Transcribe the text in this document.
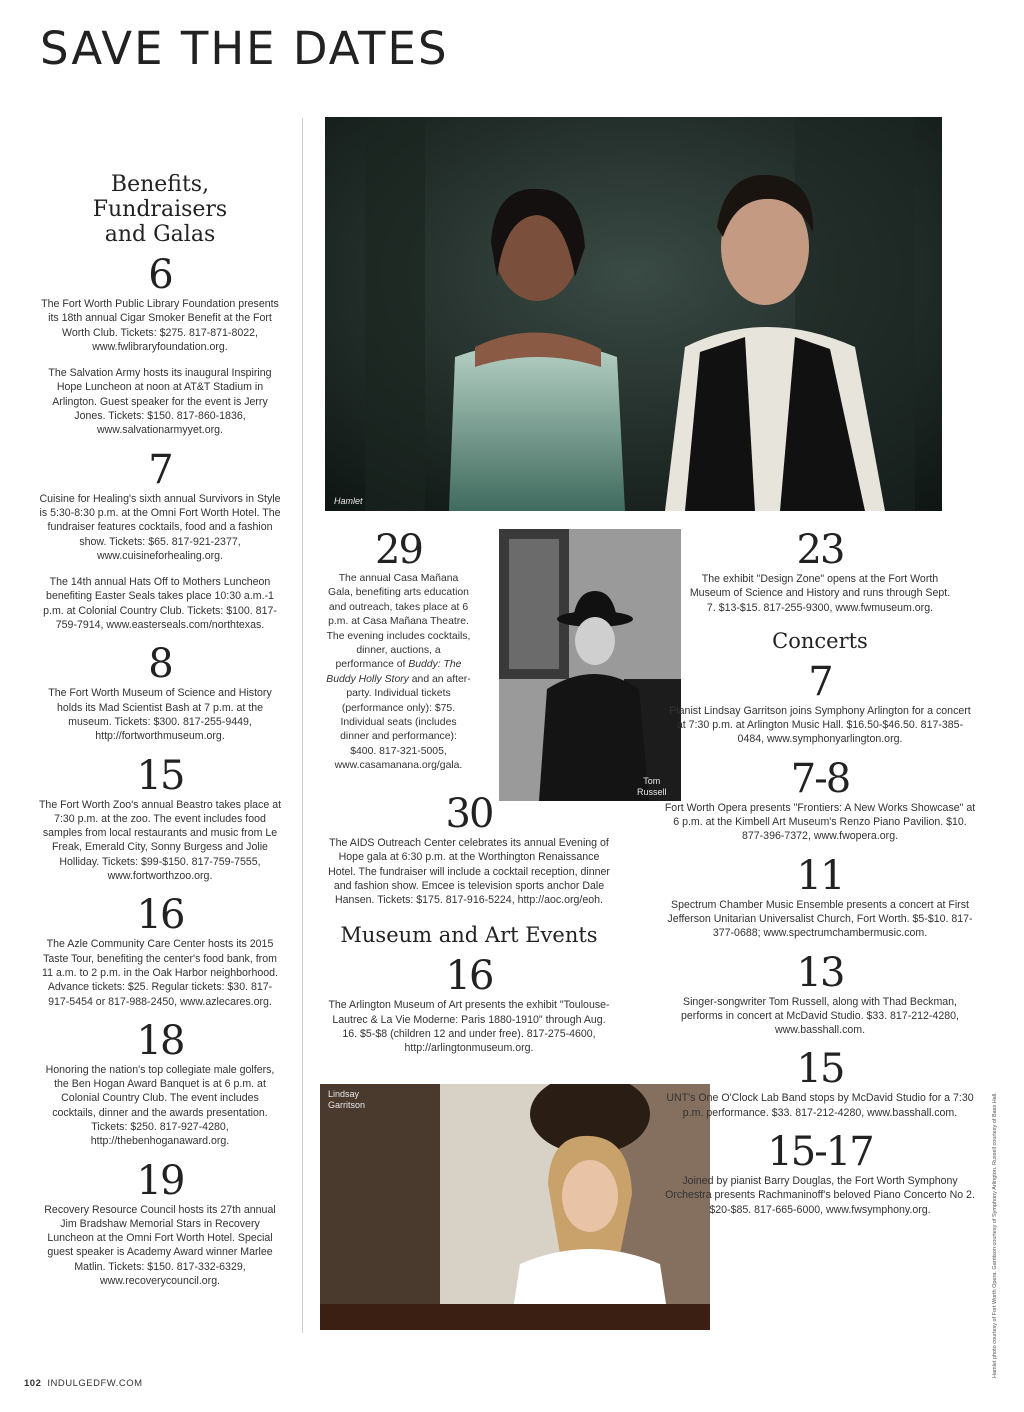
SAVE THE DATES
Benefits,
Fundraisers
and Galas
6

The Fort Worth Public Library Foundation presents its 18th annual Cigar Smoker Benefit at the Fort Worth Club. Tickets: $275. 817-871-8022, www.fwlibraryfoundation.org.

The Salvation Army hosts its inaugural Inspiring Hope Luncheon at noon at AT&T Stadium in Arlington. Guest speaker for the event is Jerry Jones. Tickets: $150. 817-860-1836, www.salvationarmyyet.org.

7

Cuisine for Healing's sixth annual Survivors in Style is 5:30-8:30 p.m. at the Omni Fort Worth Hotel. The fundraiser features cocktails, food and a fashion show. Tickets: $65. 817-921-2377, www.cuisineforhealing.org.

The 14th annual Hats Off to Mothers Luncheon benefiting Easter Seals takes place 10:30 a.m.-1 p.m. at Colonial Country Club. Tickets: $100. 817-759-7914, www.easterseals.com/northtexas.

8

The Fort Worth Museum of Science and History holds its Mad Scientist Bash at 7 p.m. at the museum. Tickets: $300. 817-255-9449, http://fortworthmuseum.org.

15

The Fort Worth Zoo's annual Beastro takes place at 7:30 p.m. at the zoo. The event includes food samples from local restaurants and music from Le Freak, Emerald City, Sonny Burgess and Jolie Holliday. Tickets: $99-$150. 817-759-7555, www.fortworthzoo.org.

16

The Azle Community Care Center hosts its 2015 Taste Tour, benefiting the center's food bank, from 11 a.m. to 2 p.m. in the Oak Harbor neighborhood. Advance tickets: $25. Regular tickets: $30. 817-917-5454 or 817-988-2450, www.azlecares.org.

18

Honoring the nation's top collegiate male golfers, the Ben Hogan Award Banquet is at 6 p.m. at Colonial Country Club. The event includes cocktails, dinner and the awards presentation. Tickets: $250. 817-927-4280, http://thebenhoganaward.org.

19

Recovery Resource Council hosts its 27th annual Jim Bradshaw Memorial Stars in Recovery Luncheon at the Omni Fort Worth Hotel. Special guest speaker is Academy Award winner Marlee Matlin. Tickets: $150. 817-332-6329, www.recoverycouncil.org.

Hamlet
29

The annual Casa Mañana Gala, benefiting arts education and outreach, takes place at 6 p.m. at Casa Mañana Theatre. The evening includes cocktails, dinner, auctions, a performance of Buddy: The Buddy Holly Story and an after-party. Individual tickets (performance only): $75. Individual seats (includes dinner and performance): $400. 817-321-5005, www.casamanana.org/gala.

Tom
Russell
30

The AIDS Outreach Center celebrates its annual Evening of Hope gala at 6:30 p.m. at the Worthington Renaissance Hotel. The fundraiser will include a cocktail reception, dinner and fashion show. Emcee is television sports anchor Dale Hansen. Tickets: $175. 817-916-5224, http://aoc.org/eoh.

Museum and Art Events
16

The Arlington Museum of Art presents the exhibit "Toulouse-Lautrec & La Vie Moderne: Paris 1880-1910" through Aug. 16. $5-$8 (children 12 and under free). 817-275-4600, http://arlingtonmuseum.org.

Lindsay
Garritson
23

The exhibit "Design Zone" opens at the Fort Worth Museum of Science and History and runs through Sept. 7. $13-$15. 817-255-9300, www.fwmuseum.org.

Concerts
7

Pianist Lindsay Garritson joins Symphony Arlington for a concert at 7:30 p.m. at Arlington Music Hall. $16.50-$46.50. 817-385-0484, www.symphonyarlington.org.

7-8

Fort Worth Opera presents "Frontiers: A New Works Showcase" at 6 p.m. at the Kimbell Art Museum's Renzo Piano Pavilion. $10. 877-396-7372, www.fwopera.org.

11

Spectrum Chamber Music Ensemble presents a concert at First Jefferson Unitarian Universalist Church, Fort Worth. $5-$10. 817-377-0688; www.spectrumchambermusic.com.

13

Singer-songwriter Tom Russell, along with Thad Beckman, performs in concert at McDavid Studio. $33. 817-212-4280, www.basshall.com.

15

UNT's One O'Clock Lab Band stops by McDavid Studio for a 7:30 p.m. performance. $33. 817-212-4280, www.basshall.com.

15-17

Joined by pianist Barry Douglas, the Fort Worth Symphony Orchestra presents Rachmaninoff's beloved Piano Concerto No 2. $20-$85. 817-665-6000, www.fwsymphony.org.

102 INDULGEDFW.COM
Hamlet photo courtesy of Fort Worth Opera. Garritson courtesy of Symphony Arlington. Russell courtesy of Bass Hall.
